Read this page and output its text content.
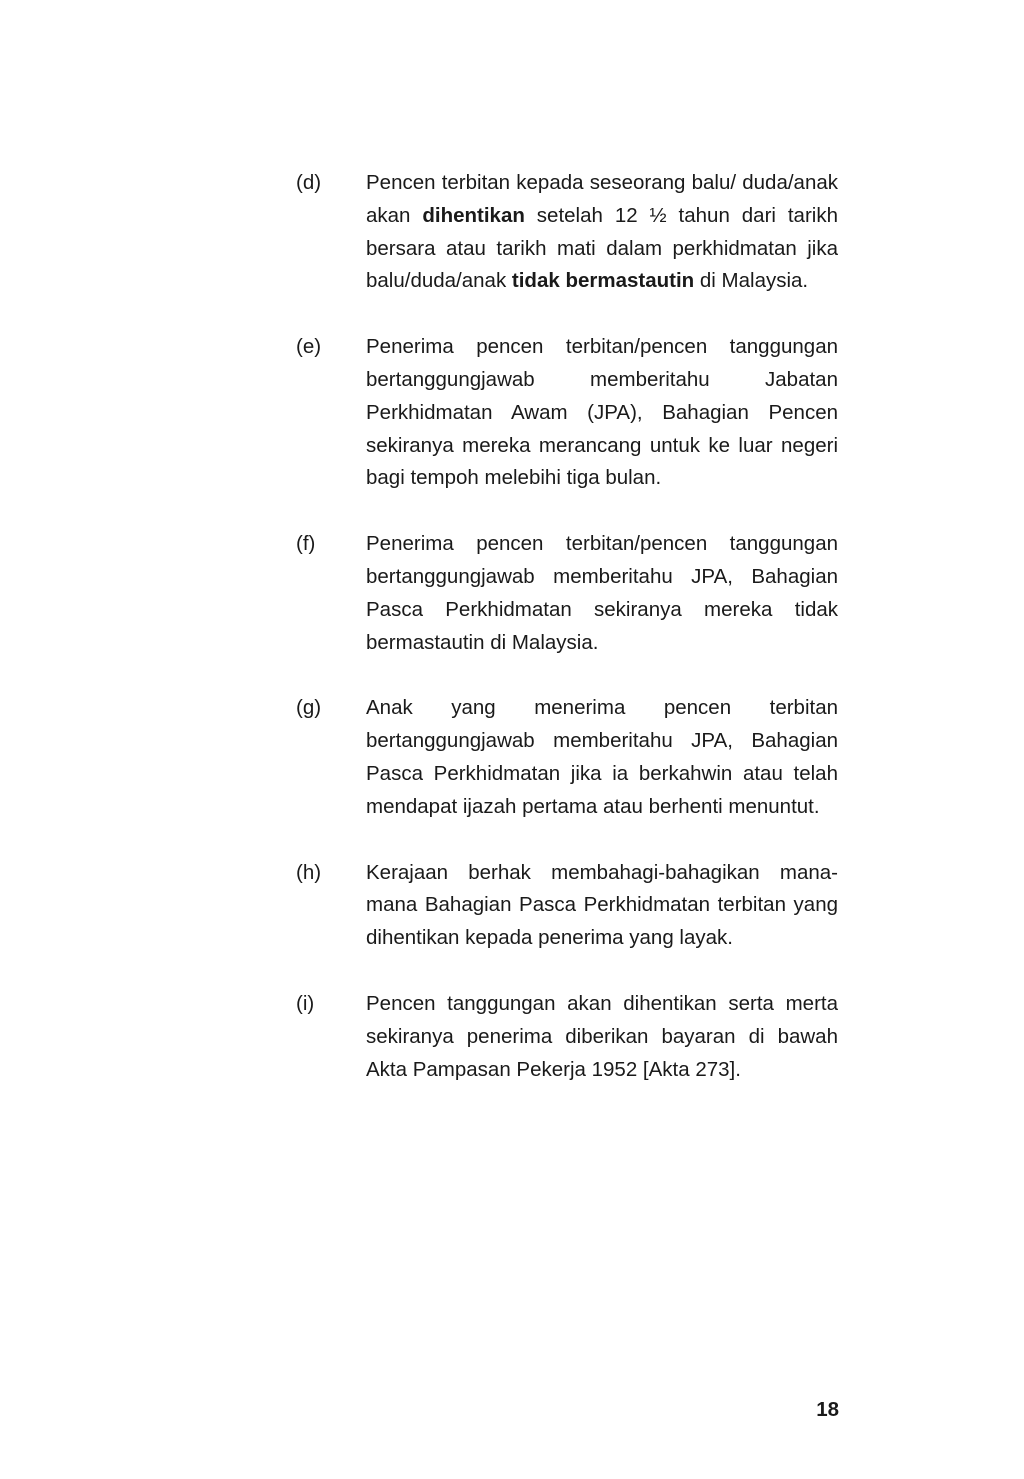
(d)	Pencen terbitan kepada seseorang balu/ duda/anak akan dihentikan setelah 12 ½ tahun dari tarikh bersara atau tarikh mati dalam perkhidmatan jika balu/duda/anak tidak bermastautin di Malaysia.
(e)	Penerima pencen terbitan/pencen tanggungan bertanggungjawab memberitahu Jabatan Perkhidmatan Awam (JPA), Bahagian Pencen sekiranya mereka merancang untuk ke luar negeri bagi tempoh melebihi tiga bulan.
(f)	Penerima pencen terbitan/pencen tanggungan bertanggungjawab memberitahu JPA, Bahagian Pasca Perkhidmatan sekiranya mereka tidak bermastautin di Malaysia.
(g)	Anak yang menerima pencen terbitan bertanggungjawab memberitahu JPA, Bahagian Pasca Perkhidmatan jika ia berkahwin atau telah mendapat ijazah pertama atau berhenti menuntut.
(h)	Kerajaan berhak membahagi-bahagikan mana-mana Bahagian Pasca Perkhidmatan terbitan yang dihentikan kepada penerima yang layak.
(i)	Pencen tanggungan akan dihentikan serta merta sekiranya penerima diberikan bayaran di bawah Akta Pampasan Pekerja 1952 [Akta 273].
18
